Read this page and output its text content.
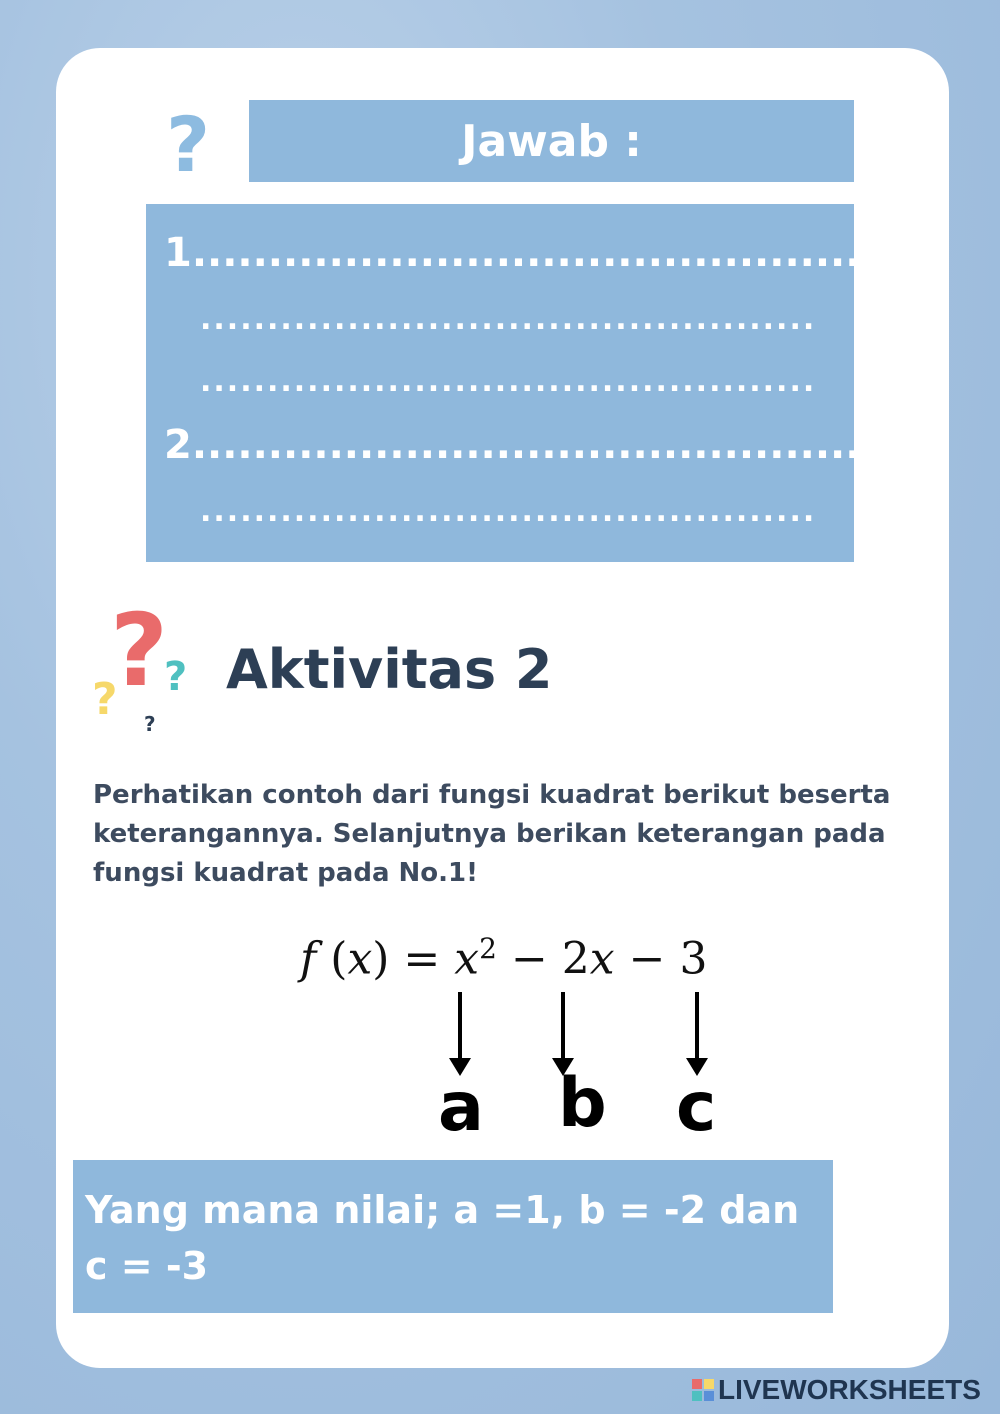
?	Jawab :
1.............................................
..............................................
..............................................
2.............................................
..............................................
?
? ?
?
Aktivitas 2
Perhatikan contoh dari fungsi kuadrat berikut beserta keterangannya. Selanjutnya berikan keterangan pada fungsi kuadrat pada No.1!
f $(x) = x^2 - 2x - 3$
a b c
Yang mana nilai; a =1, b = -2 dan
c = -3
LIVEWORKSHEETS
